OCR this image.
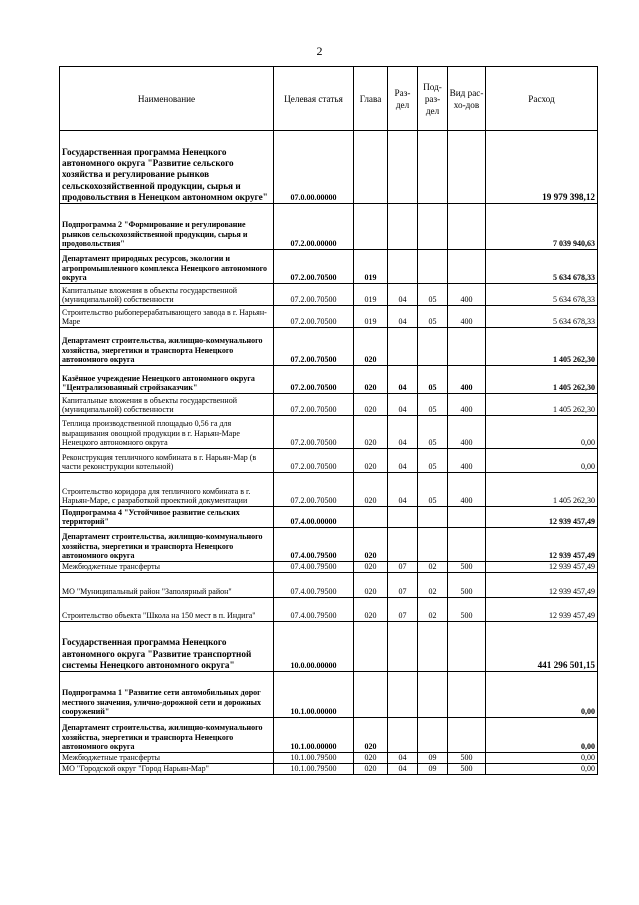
2
Наименование	Целевая статья	Глава	Раз-дел	Под-раз-дел	Вид рас-хо-дов	Расход
Государственная программа Ненецкого автономного округа "Развитие сельского хозяйства и регулирование рынков сельскохозяйственной продукции, сырья и продовольствия в Ненецком автономном округе"	07.0.00.00000					19 979 398,12
Подпрограмма 2 "Формирование и регулирование рынков сельскохозяйственной продукции, сырья и продовольствия"	07.2.00.00000					7 039 940,63
Департамент природных ресурсов, экологии и агропромышленного комплекса Ненецкого автономного округа	07.2.00.70500	019				5 634 678,33
Капитальные вложения в объекты государственной (муниципальной) собственности	07.2.00.70500	019	04	05	400	5 634 678,33
Строительство рыбоперерабатывающего завода в г. Нарьян-Маре	07.2.00.70500	019	04	05	400	5 634 678,33
Департамент строительства, жилищно-коммунального хозяйства, энергетики и транспорта Ненецкого автономного округа	07.2.00.70500	020				1 405 262,30
Казённое учреждение Ненецкого автономного округа "Централизованный стройзаказчик"	07.2.00.70500	020	04	05	400	1 405 262,30
Капитальные вложения в объекты государственной (муниципальной) собственности	07.2.00.70500	020	04	05	400	1 405 262,30
Теплица производственной площадью 0,56 га для выращивания овощной продукции в г. Нарьян-Маре Ненецкого автономного округа	07.2.00.70500	020	04	05	400	0,00
Реконструкция тепличного комбината в г. Нарьян-Мар (в части реконструкции котельной)	07.2.00.70500	020	04	05	400	0,00
Строительство коридора для тепличного комбината в г. Нарьян-Маре, с разработкой проектной документации	07.2.00.70500	020	04	05	400	1 405 262,30
Подпрограмма 4 "Устойчивое развитие сельских территорий"	07.4.00.00000					12 939 457,49
Департамент строительства, жилищно-коммунального хозяйства, энергетики и транспорта Ненецкого автономного округа	07.4.00.79500	020				12 939 457,49
Межбюджетные трансферты	07.4.00.79500	020	07	02	500	12 939 457,49
МО "Муниципальный район "Заполярный район"	07.4.00.79500	020	07	02	500	12 939 457,49
Строительство объекта "Школа на 150 мест в п. Индига"	07.4.00.79500	020	07	02	500	12 939 457,49
Государственная программа Ненецкого автономного округа "Развитие транспортной системы Ненецкого автономного округа"	10.0.00.00000					441 296 501,15
Подпрограмма 1 "Развитие сети автомобильных дорог местного значения, улично-дорожной сети и дорожных сооружений"	10.1.00.00000					0,00
Департамент строительства, жилищно-коммунального хозяйства, энергетики и транспорта Ненецкого автономного округа	10.1.00.00000	020				0,00
Межбюджетные трансферты	10.1.00.79500	020	04	09	500	0,00
МО "Городской округ "Город Нарьян-Мар"	10.1.00.79500	020	04	09	500	0,00
